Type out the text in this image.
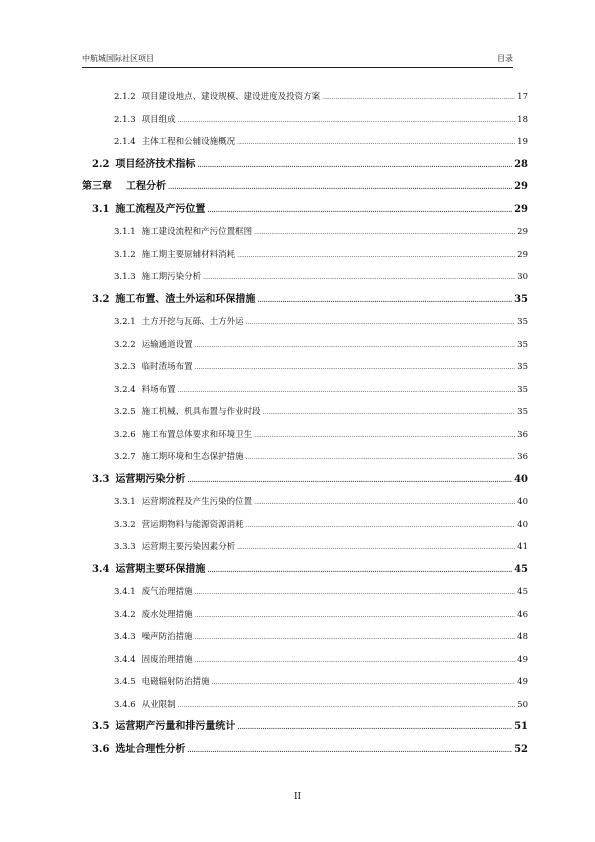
中航城国际社区项目	目录
2.1.2 项目建设地点、建设规模、建设进度及投资方案 .....	17
2.1.3 项目组成 .....	18
2.1.4 主体工程和公辅设施概况 .....	19
2.2 项目经济技术指标 .....	28
第三章 工程分析 .....	29
3.1 施工流程及产污位置 .....	29
3.1.1 施工建设流程和产污位置框图 .....	29
3.1.2 施工期主要原辅材料消耗 .....	29
3.1.3 施工期污染分析 .....	30
3.2 施工布置、渣土外运和环保措施 .....	35
3.2.1 土方开挖与瓦砾、土方外运 .....	35
3.2.2 运输通道设置 .....	35
3.2.3 临时渣场布置 .....	35
3.2.4 料场布置 .....	35
3.2.5 施工机械、机具布置与作业时段 .....	35
3.2.6 施工布置总体要求和环境卫生 .....	36
3.2.7 施工期环境和生态保护措施 .....	36
3.3 运营期污染分析 .....	40
3.3.1 运营期流程及产生污染的位置 .....	40
3.3.2 营运期物料与能源资源消耗 .....	40
3.3.3 运营期主要污染因素分析 .....	41
3.4 运营期主要环保措施 .....	45
3.4.1 废气治理措施 .....	45
3.4.2 废水处理措施 .....	46
3.4.3 噪声防治措施 .....	48
3.4.4 固废治理措施 .....	49
3.4.5 电磁辐射防治措施 .....	49
3.4.6 从业限制 .....	50
3.5 运营期产污量和排污量统计 .....	51
3.6 选址合理性分析 .....	52
II
